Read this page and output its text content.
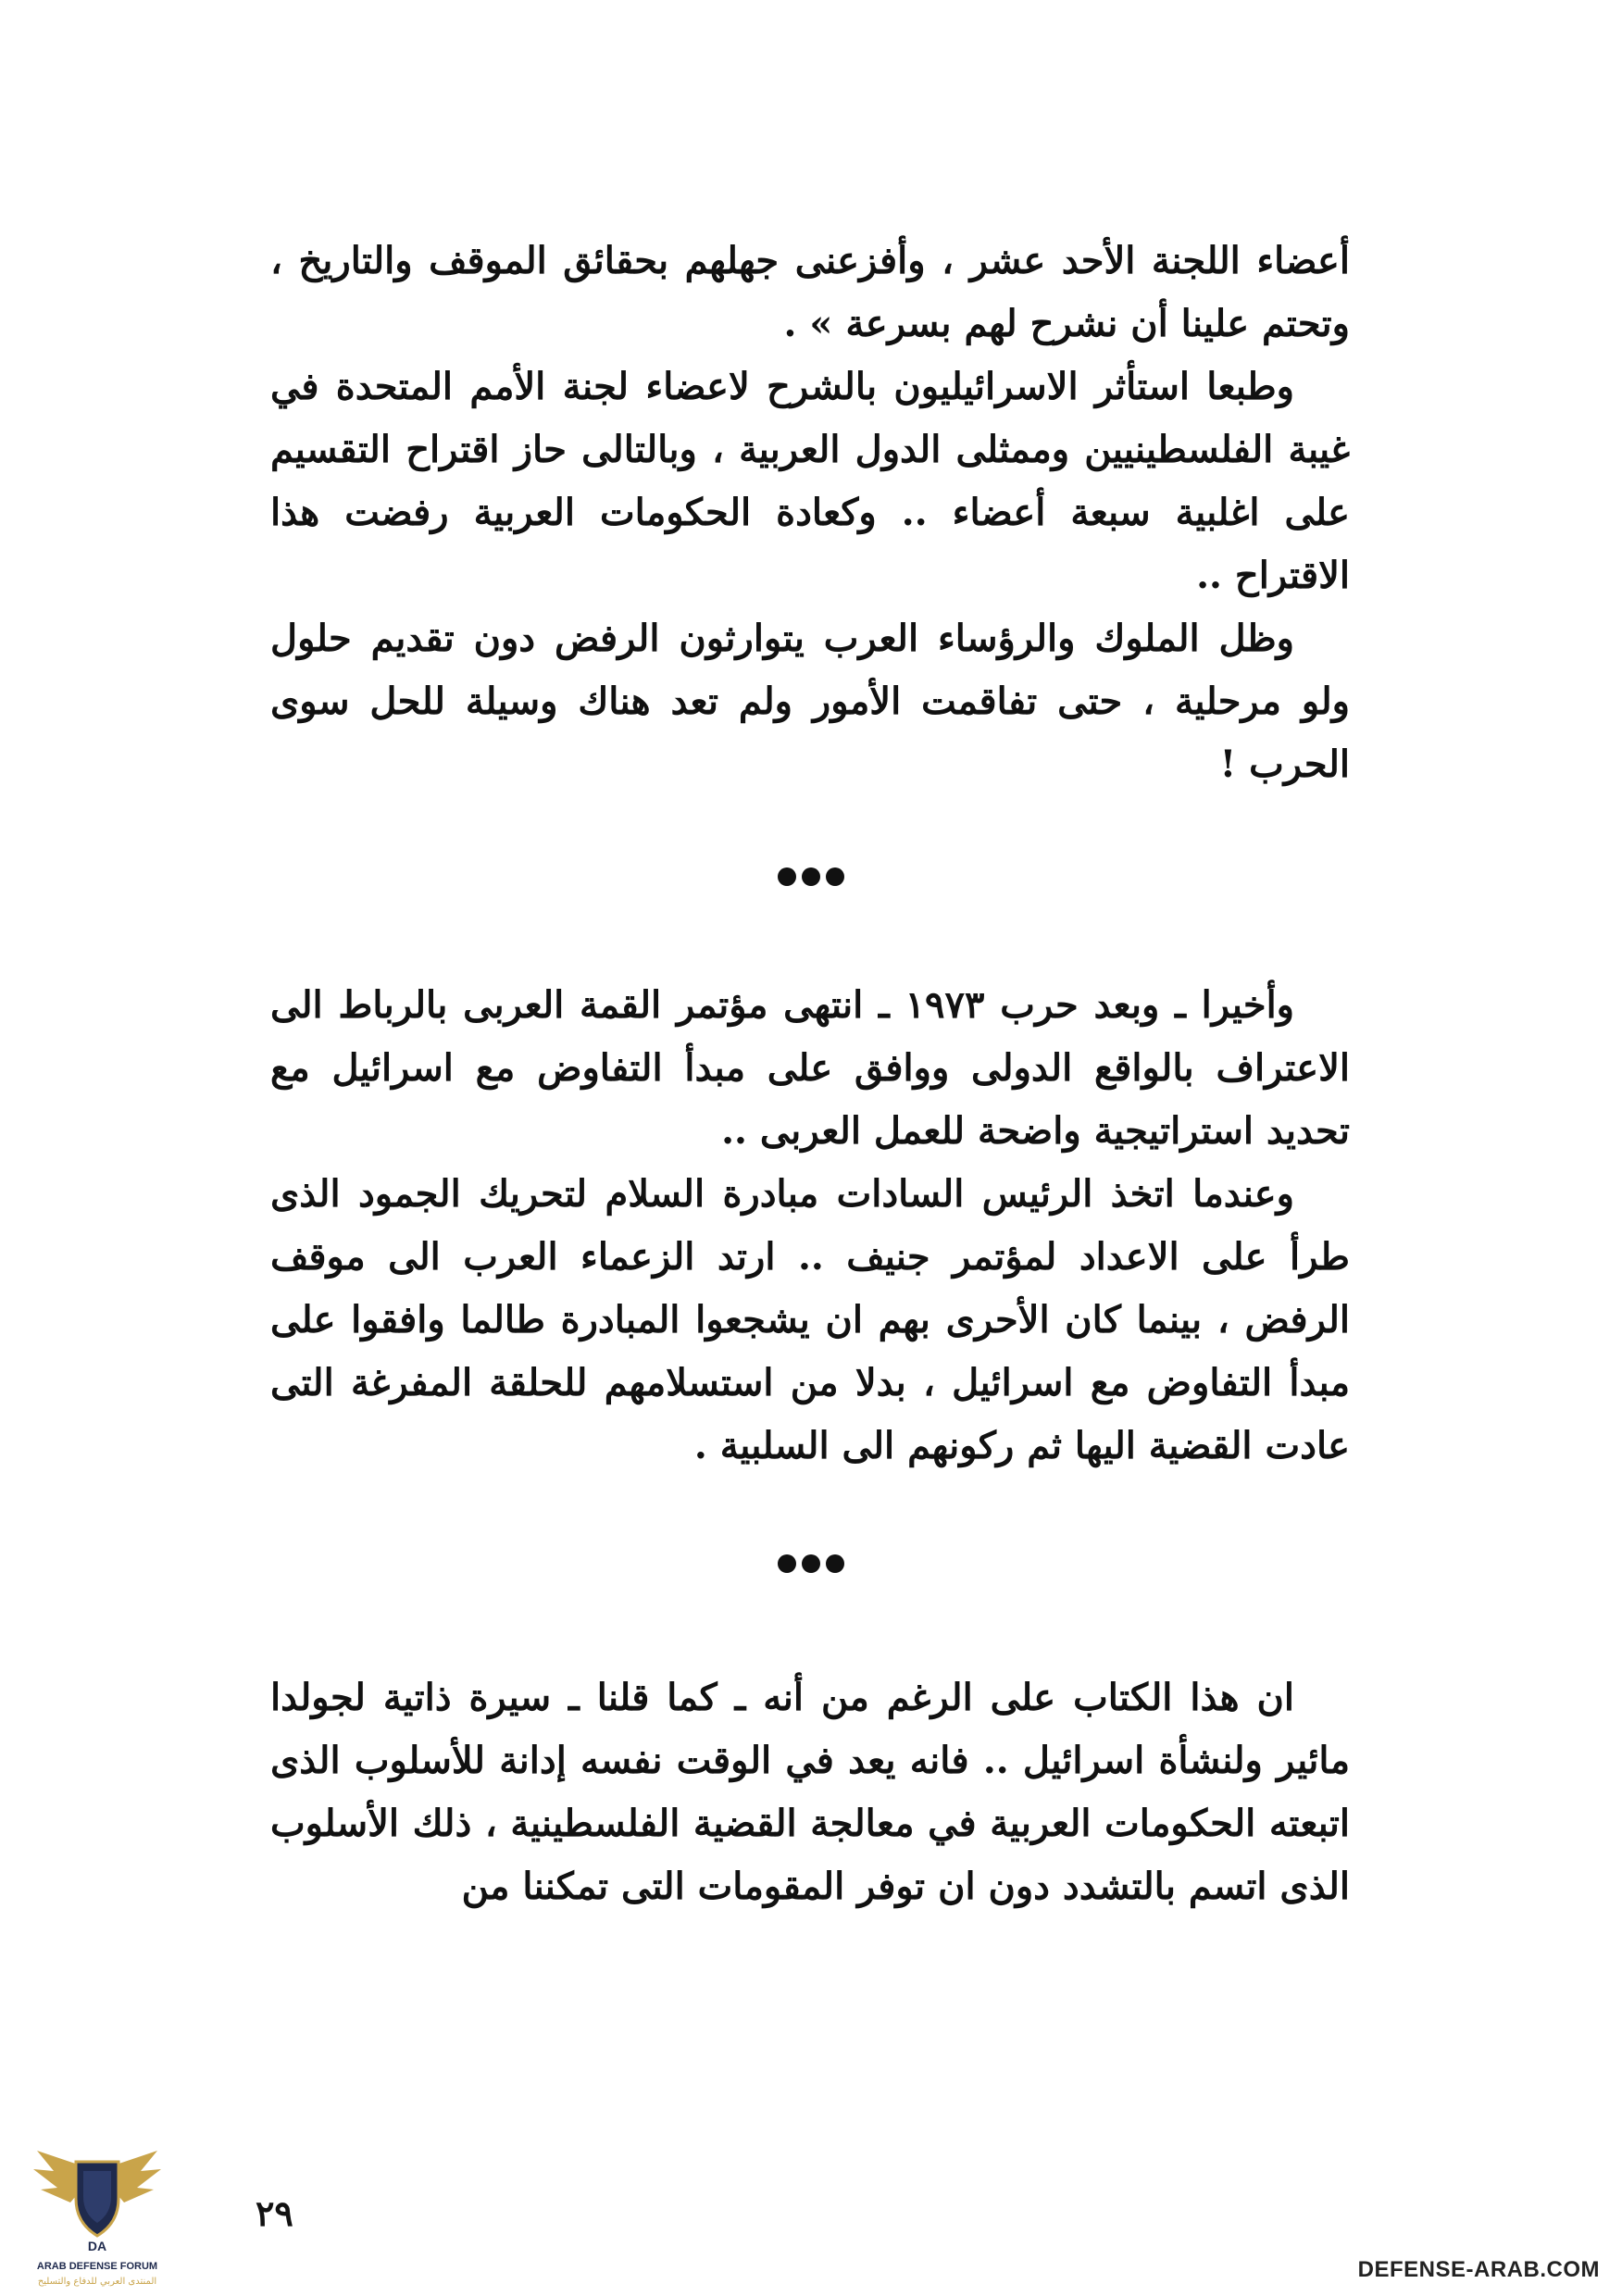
أعضاء اللجنة الأحد عشر ، وأفزعنى جهلهم بحقائق الموقف والتاريخ ، وتحتم علينا أن نشرح لهم بسرعة » .

وطبعا استأثر الاسرائيليون بالشرح لاعضاء لجنة الأمم المتحدة في غيبة الفلسطينيين وممثلى الدول العربية ، وبالتالى حاز اقتراح التقسيم على اغلبية سبعة أعضاء .. وكعادة الحكومات العربية رفضت هذا الاقتراح ..

وظل الملوك والرؤساء العرب يتوارثون الرفض دون تقديم حلول ولو مرحلية ، حتى تفاقمت الأمور ولم تعد هناك وسيلة للحل سوى الحرب !

وأخيرا ـ وبعد حرب ١٩٧٣ ـ انتهى مؤتمر القمة العربى بالرباط الى الاعتراف بالواقع الدولى ووافق على مبدأ التفاوض مع اسرائيل مع تحديد استراتيجية واضحة للعمل العربى ..

وعندما اتخذ الرئيس السادات مبادرة السلام لتحريك الجمود الذى طرأ على الاعداد لمؤتمر جنيف .. ارتد الزعماء العرب الى موقف الرفض ، بينما كان الأحرى بهم ان يشجعوا المبادرة طالما وافقوا على مبدأ التفاوض مع اسرائيل ، بدلا من استسلامهم للحلقة المفرغة التى عادت القضية اليها ثم ركونهم الى السلبية .

ان هذا الكتاب على الرغم من أنه ـ كما قلنا ـ سيرة ذاتية لجولدا مائير ولنشأة اسرائيل .. فانه يعد في الوقت نفسه إدانة للأسلوب الذى اتبعته الحكومات العربية في معالجة القضية الفلسطينية ، ذلك الأسلوب الذى اتسم بالتشدد دون ان توفر المقومات التى تمكننا من

٢٩
DA
ARAB DEFENSE FORUM
المنتدى العربي للدفاع والتسليح	DEFENSE-ARAB.COM
